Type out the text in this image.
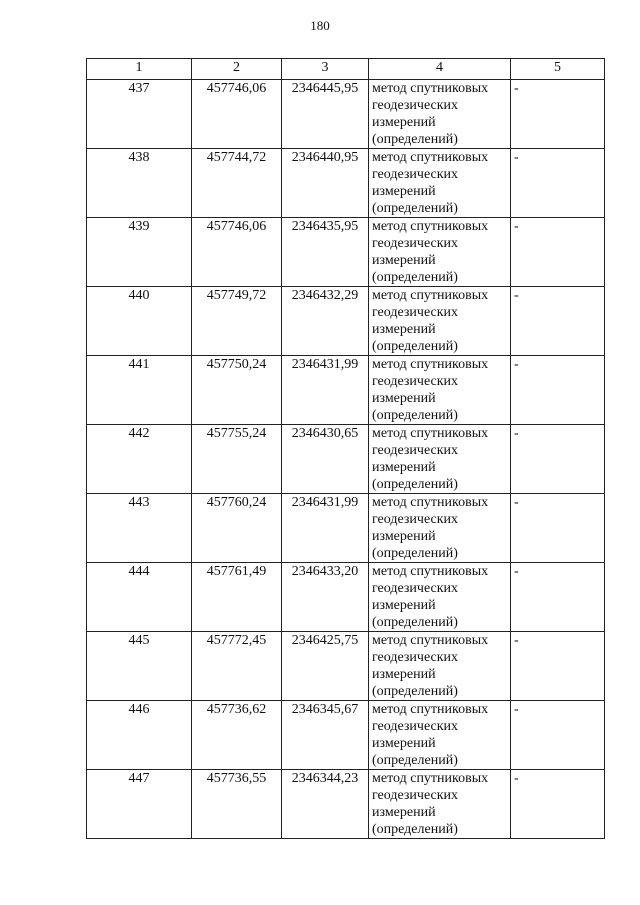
180
1	2	3	4	5
437	457746,06	2346445,95	метод спутниковых геодезических измерений (определений)	-
438	457744,72	2346440,95	метод спутниковых геодезических измерений (определений)	-
439	457746,06	2346435,95	метод спутниковых геодезических измерений (определений)	-
440	457749,72	2346432,29	метод спутниковых геодезических измерений (определений)	-
441	457750,24	2346431,99	метод спутниковых геодезических измерений (определений)	-
442	457755,24	2346430,65	метод спутниковых геодезических измерений (определений)	-
443	457760,24	2346431,99	метод спутниковых геодезических измерений (определений)	-
444	457761,49	2346433,20	метод спутниковых геодезических измерений (определений)	-
445	457772,45	2346425,75	метод спутниковых геодезических измерений (определений)	-
446	457736,62	2346345,67	метод спутниковых геодезических измерений (определений)	-
447	457736,55	2346344,23	метод спутниковых геодезических измерений (определений)	-
